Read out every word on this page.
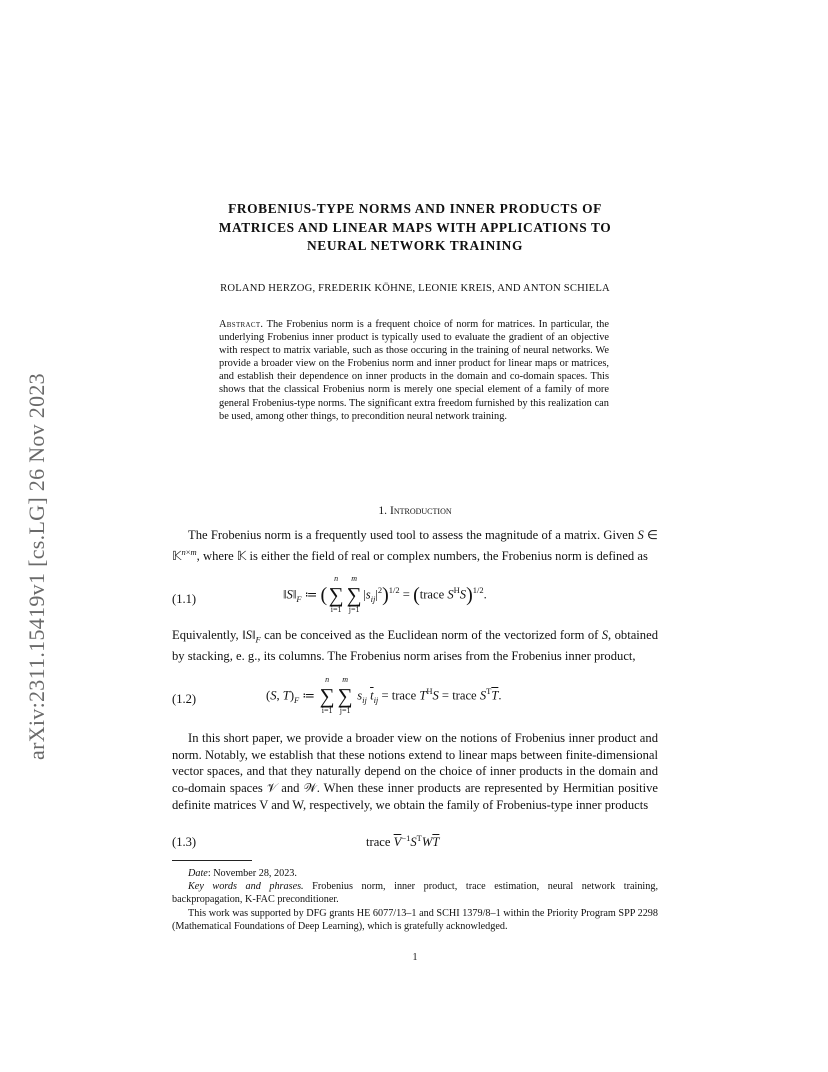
arXiv:2311.15419v1 [cs.LG] 26 Nov 2023
FROBENIUS-TYPE NORMS AND INNER PRODUCTS OF
MATRICES AND LINEAR MAPS WITH APPLICATIONS TO
NEURAL NETWORK TRAINING
ROLAND HERZOG, FREDERIK KÖHNE, LEONIE KREIS, AND ANTON SCHIELA
Abstract. The Frobenius norm is a frequent choice of norm for matrices. In particular, the underlying Frobenius inner product is typically used to evaluate the gradient of an objective with respect to matrix variable, such as those occuring in the training of neural networks. We provide a broader view on the Frobenius norm and inner product for linear maps or matrices, and establish their dependence on inner products in the domain and co-domain spaces. This shows that the classical Frobenius norm is merely one special element of a family of more general Frobenius-type norms. The significant extra freedom furnished by this realization can be used, among other things, to precondition neural network training.
1. Introduction
The Frobenius norm is a frequently used tool to assess the magnitude of a matrix. Given S ∈ 𝕂$^{n\times m}$, where 𝕂 is either the field of real or complex numbers, the Frobenius norm is defined as
(1.1)	$‖S‖_F$ ≔ (
n
∑
i=1
m
∑
j=1
$|s_{ij}|^2)^{1/2}$ = (trace $S^HS)^{1/2}$.
Equivalently, $‖S‖_F$ can be conceived as the Euclidean norm of the vectorized form of S, obtained by stacking, e. g., its columns. The Frobenius norm arises from the Frobenius inner product,
(1.2)	(S, $T)_F$ ≔
n
∑
i=1
m
∑
j=1
$s_{ij}$ $\overline{t}_{ij}$ = trace $T^HS$ = trace $S^T\overline{T}$.
In this short paper, we provide a broader view on the notions of Frobenius inner product and norm. Notably, we establish that these notions extend to linear maps between finite-dimensional vector spaces, and that they naturally depend on the choice of inner products in the domain and co-domain spaces 𝒱 and 𝒲. When these inner products are represented by Hermitian positive definite matrices V and W, respectively, we obtain the family of Frobenius-type inner products
(1.3)	trace $\overline{V}^{-1}S^TW\overline{T}$

Date: November 28, 2023.

Key words and phrases. Frobenius norm, inner product, trace estimation, neural network training, backpropagation, K-FAC preconditioner.

This work was supported by DFG grants HE 6077/13–1 and SCHI 1379/8–1 within the Priority Program SPP 2298 (Mathematical Foundations of Deep Learning), which is gratefully acknowledged.

1
